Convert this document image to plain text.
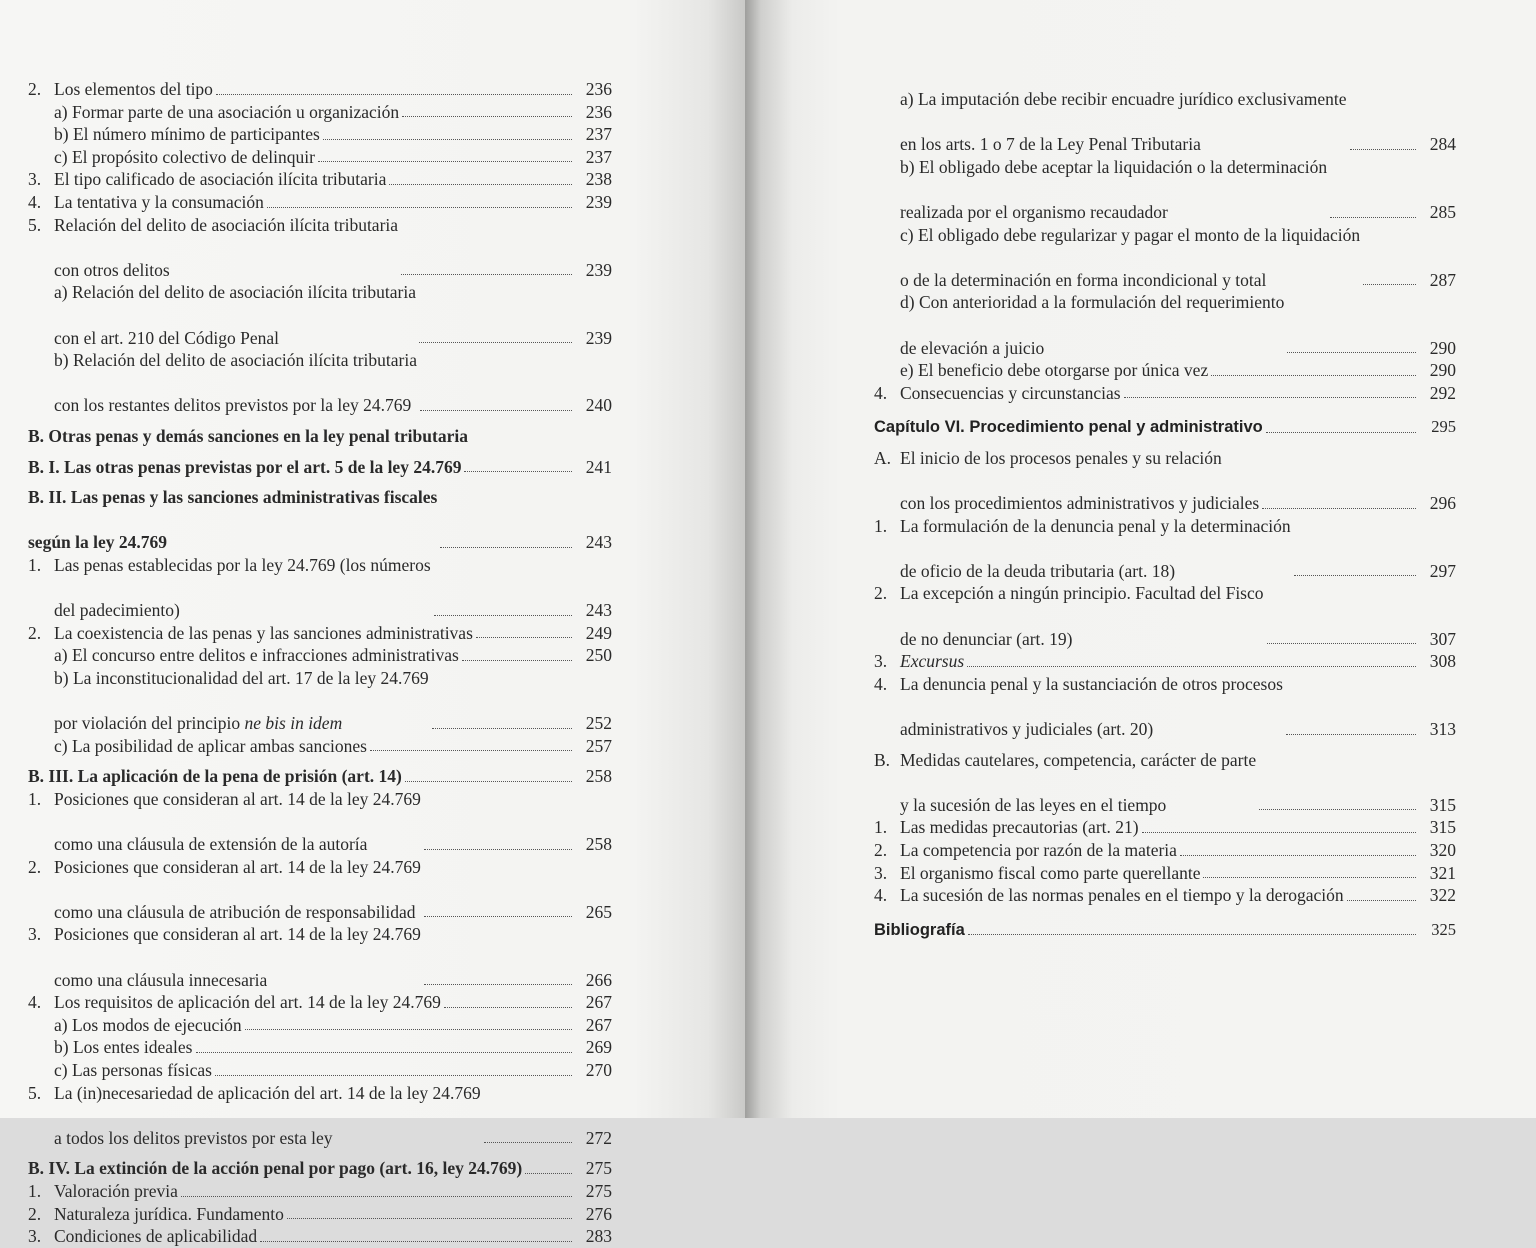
2. Los elementos del tipo	236
a) Formar parte de una asociación u organización	236
b) El número mínimo de participantes	237
c) El propósito colectivo de delinquir	237
3. El tipo calificado de asociación ilícita tributaria	238
4. La tentativa y la consumación	239
5. Relación del delito de asociación ilícita tributaria

con otros delitos	239
a) Relación del delito de asociación ilícita tributaria

con el art. 210 del Código Penal	239
b) Relación del delito de asociación ilícita tributaria

con los restantes delitos previstos por la ley 24.769	240
B. Otras penas y demás sanciones en la ley penal tributaria
B. I. Las otras penas previstas por el art. 5 de la ley 24.769	241
B. II. Las penas y las sanciones administrativas fiscales

según la ley 24.769	243
1. Las penas establecidas por la ley 24.769 (los números

del padecimiento)	243
2. La coexistencia de las penas y las sanciones administrativas	249
a) El concurso entre delitos e infracciones administrativas	250
b) La inconstitucionalidad del art. 17 de la ley 24.769

por violación del principio ne bis in idem	252
c) La posibilidad de aplicar ambas sanciones	257
B. III. La aplicación de la pena de prisión (art. 14)	258
1. Posiciones que consideran al art. 14 de la ley 24.769

como una cláusula de extensión de la autoría	258
2. Posiciones que consideran al art. 14 de la ley 24.769

como una cláusula de atribución de responsabilidad	265
3. Posiciones que consideran al art. 14 de la ley 24.769

como una cláusula innecesaria	266
4. Los requisitos de aplicación del art. 14 de la ley 24.769	267
a) Los modos de ejecución	267
b) Los entes ideales	269
c) Las personas físicas	270
5. La (in)necesariedad de aplicación del art. 14 de la ley 24.769

a todos los delitos previstos por esta ley	272
B. IV. La extinción de la acción penal por pago (art. 16, ley 24.769)	275
1. Valoración previa	275
2. Naturaleza jurídica. Fundamento	276
3. Condiciones de aplicabilidad	283
a) La imputación debe recibir encuadre jurídico exclusivamente

en los arts. 1 o 7 de la Ley Penal Tributaria	284
b) El obligado debe aceptar la liquidación o la determinación

realizada por el organismo recaudador	285
c) El obligado debe regularizar y pagar el monto de la liquidación

o de la determinación en forma incondicional y total	287
d) Con anterioridad a la formulación del requerimiento

de elevación a juicio	290
e) El beneficio debe otorgarse por única vez	290
4. Consecuencias y circunstancias	292
Capítulo VI. Procedimiento penal y administrativo	295
A. El inicio de los procesos penales y su relación

con los procedimientos administrativos y judiciales	296
1. La formulación de la denuncia penal y la determinación

de oficio de la deuda tributaria (art. 18)	297
2. La excepción a ningún principio. Facultad del Fisco

de no denunciar (art. 19)	307
3. Excursus	308
4. La denuncia penal y la sustanciación de otros procesos

administrativos y judiciales (art. 20)	313
B. Medidas cautelares, competencia, carácter de parte

y la sucesión de las leyes en el tiempo	315
1. Las medidas precautorias (art. 21)	315
2. La competencia por razón de la materia	320
3. El organismo fiscal como parte querellante	321
4. La sucesión de las normas penales en el tiempo y la derogación	322
Bibliografía	325
